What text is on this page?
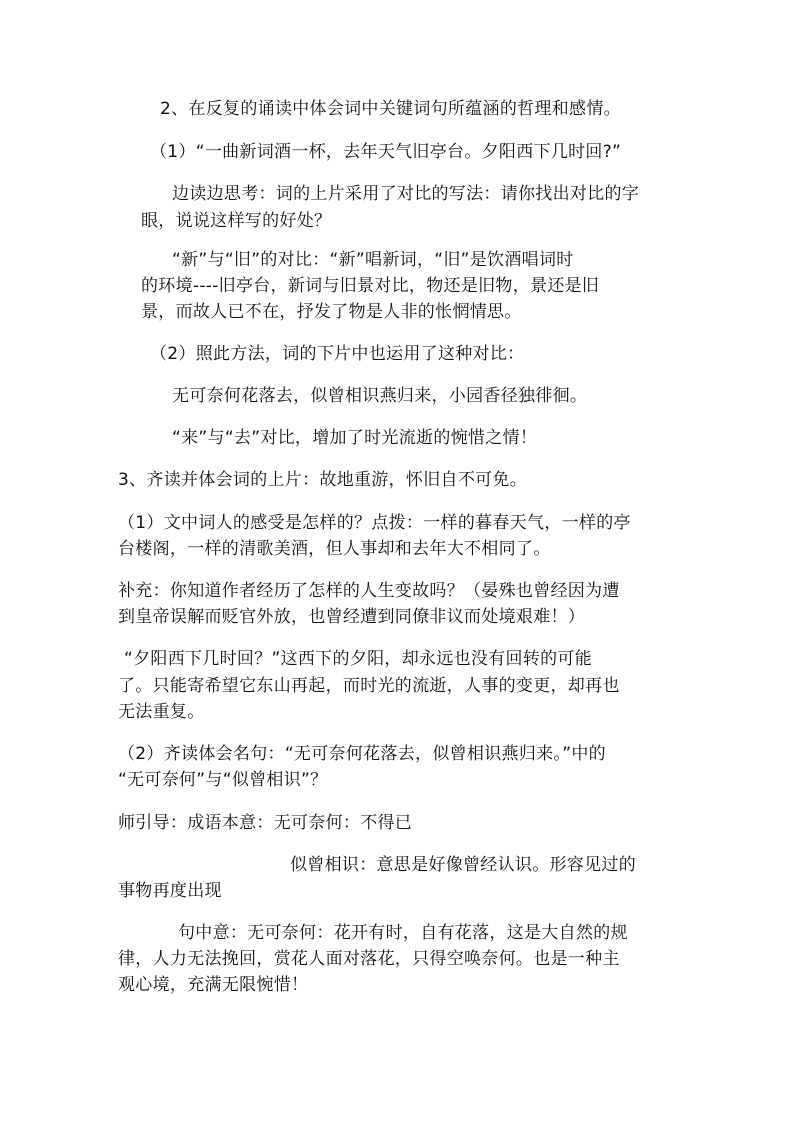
2、在反复的诵读中体会词中关键词句所蕴涵的哲理和感情。
（1）“一曲新词酒一杯，去年天气旧亭台。夕阳西下几时回?”
边读边思考：词的上片采用了对比的写法：请你找出对比的字
眼，说说这样写的好处？
“新”与“旧”的对比：“新”唱新词，“旧”是饮酒唱词时
的环境----旧亭台，新词与旧景对比，物还是旧物，景还是旧
景，而故人已不在，抒发了物是人非的怅惘情思。
（2）照此方法，词的下片中也运用了这种对比：
无可奈何花落去，似曾相识燕归来，小园香径独徘徊。
“来”与“去”对比，增加了时光流逝的惋惜之情！
3、齐读并体会词的上片：故地重游，怀旧自不可免。
（1）文中词人的感受是怎样的？点拨：一样的暮春天气，一样的亭
台楼阁，一样的清歌美酒，但人事却和去年大不相同了。
补充：你知道作者经历了怎样的人生变故吗？（晏殊也曾经因为遭
到皇帝误解而贬官外放，也曾经遭到同僚非议而处境艰难！）
“夕阳西下几时回？”这西下的夕阳，却永远也没有回转的可能
了。只能寄希望它东山再起，而时光的流逝，人事的变更，却再也
无法重复。
（2）齐读体会名句：“无可奈何花落去，似曾相识燕归来。”中的
“无可奈何”与“似曾相识”？
师引导：成语本意：无可奈何：不得已
似曾相识：意思是好像曾经认识。形容见过的
事物再度出现
句中意：无可奈何：花开有时，自有花落，这是大自然的规
律，人力无法挽回，赏花人面对落花，只得空唤奈何。也是一种主
观心境，充满无限惋惜！
